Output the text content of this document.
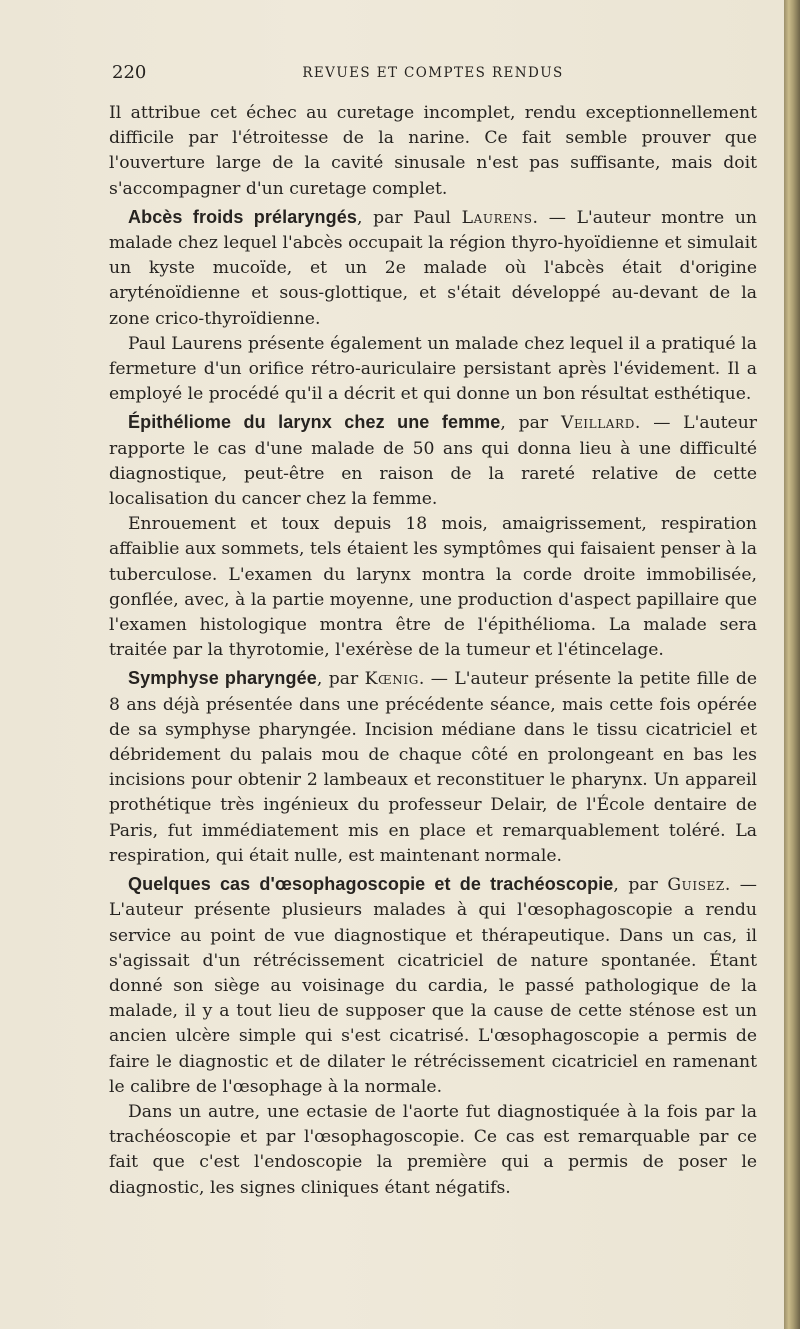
220	REVUES ET COMPTES RENDUS

Il attribue cet échec au curetage incomplet, rendu exceptionnellement difficile par l'étroitesse de la narine. Ce fait semble prouver que l'ouverture large de la cavité sinusale n'est pas suffisante, mais doit s'accompagner d'un curetage complet.

Abcès froids prélaryngés, par Paul Laurens. — L'auteur montre un malade chez lequel l'abcès occupait la région thyro-hyoïdienne et simulait un kyste mucoïde, et un 2e malade où l'abcès était d'origine aryténoïdienne et sous-glottique, et s'était développé au-devant de la zone crico-thyroïdienne.

Paul Laurens présente également un malade chez lequel il a pratiqué la fermeture d'un orifice rétro-auriculaire persistant après l'évidement. Il a employé le procédé qu'il a décrit et qui donne un bon résultat esthétique.

Épithéliome du larynx chez une femme, par Veillard. — L'auteur rapporte le cas d'une malade de 50 ans qui donna lieu à une difficulté diagnostique, peut-être en raison de la rareté relative de cette localisation du cancer chez la femme.

Enrouement et toux depuis 18 mois, amaigrissement, respiration affaiblie aux sommets, tels étaient les symptômes qui faisaient penser à la tuberculose. L'examen du larynx montra la corde droite immobilisée, gonflée, avec, à la partie moyenne, une production d'aspect papillaire que l'examen histologique montra être de l'épithélioma. La malade sera traitée par la thyrotomie, l'exérèse de la tumeur et l'étincelage.

Symphyse pharyngée, par Kœnig. — L'auteur présente la petite fille de 8 ans déjà présentée dans une précédente séance, mais cette fois opérée de sa symphyse pharyngée. Incision médiane dans le tissu cicatriciel et débridement du palais mou de chaque côté en prolongeant en bas les incisions pour obtenir 2 lambeaux et reconstituer le pharynx. Un appareil prothétique très ingénieux du professeur Delair, de l'École dentaire de Paris, fut immédiatement mis en place et remarquablement toléré. La respiration, qui était nulle, est maintenant normale.

Quelques cas d'œsophagoscopie et de trachéoscopie, par Guisez. — L'auteur présente plusieurs malades à qui l'œsophagoscopie a rendu service au point de vue diagnostique et thérapeutique. Dans un cas, il s'agissait d'un rétrécissement cicatriciel de nature spontanée. Étant donné son siège au voisinage du cardia, le passé pathologique de la malade, il y a tout lieu de supposer que la cause de cette sténose est un ancien ulcère simple qui s'est cicatrisé. L'œsophagoscopie a permis de faire le diagnostic et de dilater le rétrécissement cicatriciel en ramenant le calibre de l'œsophage à la normale.

Dans un autre, une ectasie de l'aorte fut diagnostiquée à la fois par la trachéoscopie et par l'œsophagoscopie. Ce cas est remarquable par ce fait que c'est l'endoscopie la première qui a permis de poser le diagnostic, les signes cliniques étant négatifs.
